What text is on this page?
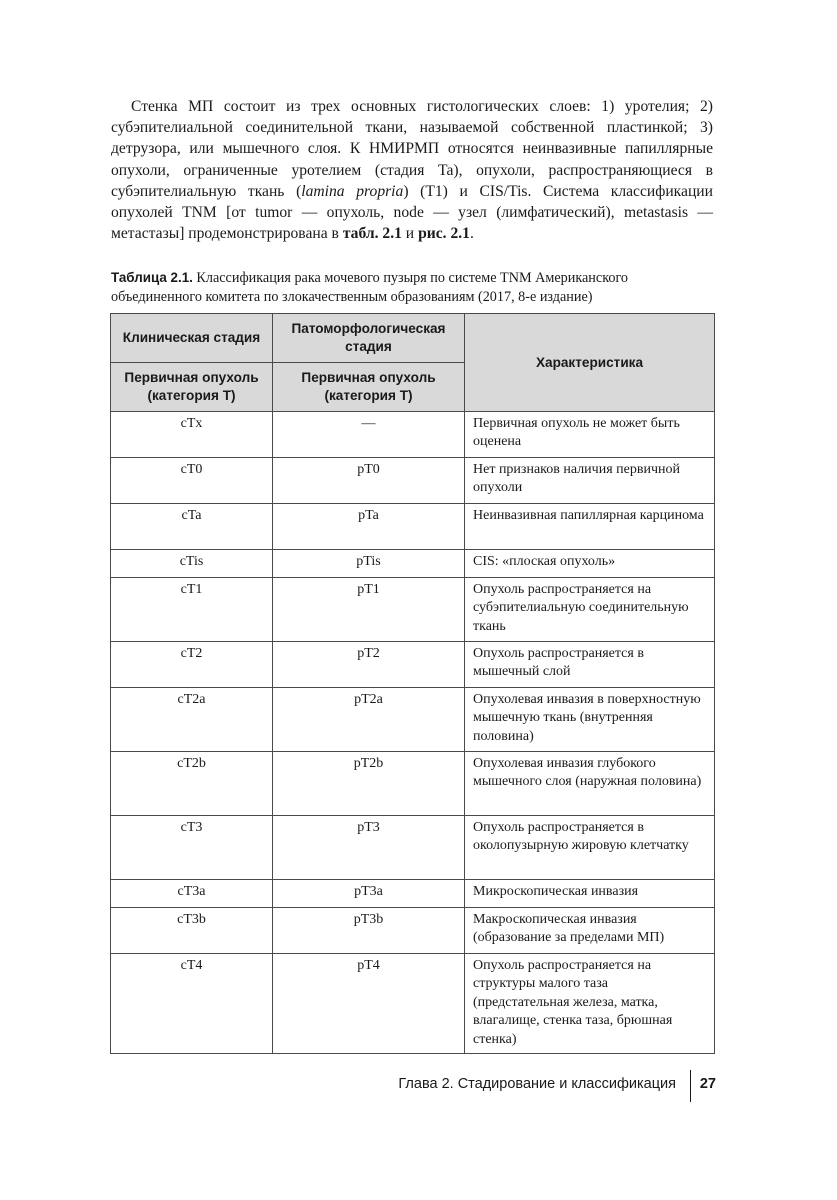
Стенка МП состоит из трех основных гистологических слоев: 1) уротелия; 2) субэпителиальной соединительной ткани, называемой собственной пластинкой; 3) детрузора, или мышечного слоя. К НМИРМП относятся неинвазивные папиллярные опухоли, ограниченные уротелием (стадия Ta), опухоли, распространяющиеся в субэпителиальную ткань (lamina propria) (T1) и CIS/Tis. Система классификации опухолей TNM [от tumor — опухоль, node — узел (лимфатический), metastasis — метастазы] продемонстрирована в табл. 2.1 и рис. 2.1.

Таблица 2.1. Классификация рака мочевого пузыря по системе TNM Американского объединенного комитета по злокачественным образованиям (2017, 8-е издание)

Клиническая стадия	Патоморфологическая стадия	Характеристика
Первичная опухоль (категория T)	Первичная опухоль (категория T)	
cTx	—	Первичная опухоль не может быть оценена
cT0	pT0	Нет признаков наличия первичной опухоли
cTa	pTa	Неинвазивная папиллярная карцинома
cTis	pTis	CIS: «плоская опухоль»
cT1	pT1	Опухоль распространяется на субэпителиальную соединительную ткань
cT2	pT2	Опухоль распространяется в мышечный слой
cT2a	pT2a	Опухолевая инвазия в поверхностную мышечную ткань (внутренняя половина)
cT2b	pT2b	Опухолевая инвазия глубокого мышечного слоя (наружная половина)
cT3	pT3	Опухоль распространяется в околопузырную жировую клетчатку
cT3a	pT3a	Микроскопическая инвазия
cT3b	pT3b	Макроскопическая инвазия (образование за пределами МП)
cT4	pT4	Опухоль распространяется на структуры малого таза (предстательная железа, матка, влагалище, стенка таза, брюшная стенка)
Глава 2. Стадирование и классификация 27
